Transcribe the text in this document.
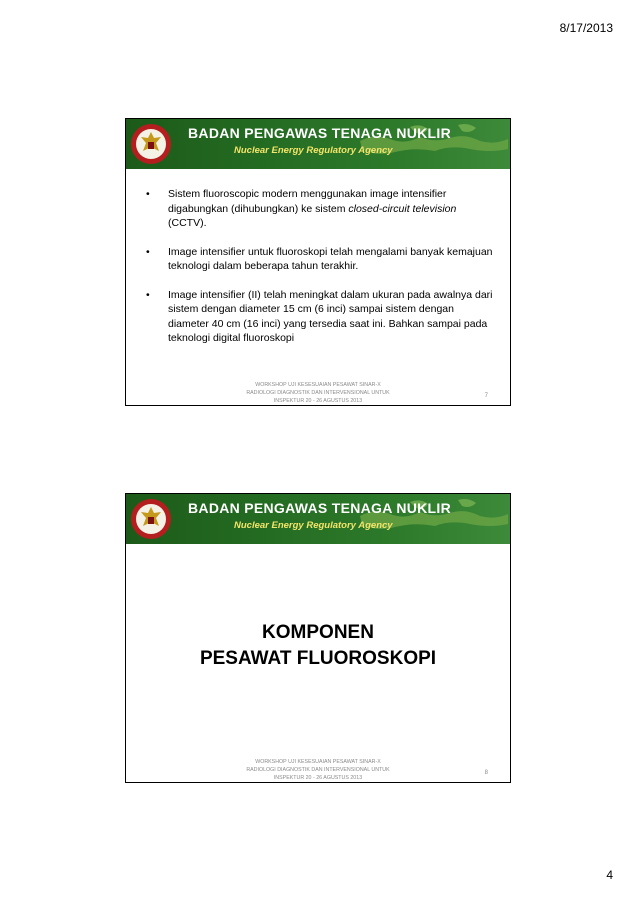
8/17/2013
BADAN PENGAWAS TENAGA NUKLIR
Nuclear Energy Regulatory Agency
• Sistem fluoroscopic modern menggunakan image intensifier digabungkan (dihubungkan) ke sistem closed-circuit television (CCTV).
• Image intensifier untuk fluoroskopi telah mengalami banyak kemajuan teknologi dalam beberapa tahun terakhir.
• Image intensifier (II) telah meningkat dalam ukuran pada awalnya dari sistem dengan diameter 15 cm (6 inci) sampai sistem dengan diameter 40 cm (16 inci) yang tersedia saat ini. Bahkan sampai pada teknologi digital fluoroskopi
WORKSHOP UJI KESESUAIAN PESAWAT SINAR-X
RADIOLOGI DIAGNOSTIK DAN INTERVENSIONAL UNTUK
INSPEKTUR 20 - 26 AGUSTUS 2013
7
BADAN PENGAWAS TENAGA NUKLIR
Nuclear Energy Regulatory Agency
KOMPONEN
PESAWAT FLUOROSKOPI
WORKSHOP UJI KESESUAIAN PESAWAT SINAR-X
RADIOLOGI DIAGNOSTIK DAN INTERVENSIONAL UNTUK
INSPEKTUR 20 - 26 AGUSTUS 2013
8
4
